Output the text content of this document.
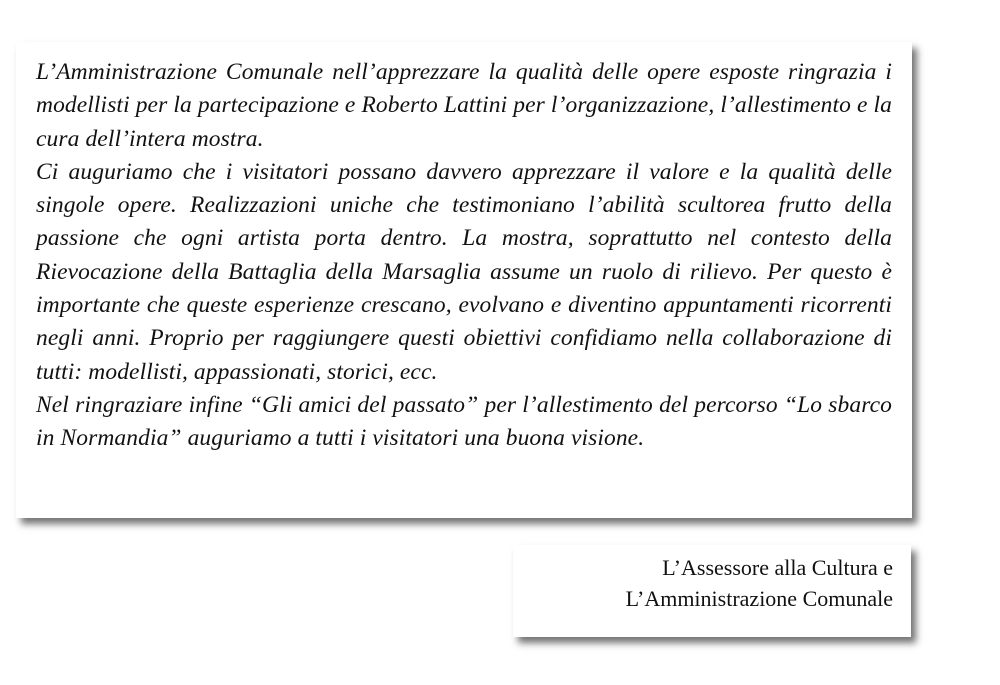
L’Amministrazione Comunale nell’apprezzare la qualità delle opere esposte ringrazia i modellisti per la partecipazione e Roberto Lattini per l’organizzazione, l’allestimento e la cura dell’intera mostra.

Ci auguriamo che i visitatori possano davvero apprezzare il valore e la qualità delle singole opere. Realizzazioni uniche che testimoniano l’abilità scultorea frutto della passione che ogni artista porta dentro. La mostra, soprattutto nel contesto della Rievocazione della Battaglia della Marsaglia assume un ruolo di rilievo. Per questo è importante che queste esperienze crescano, evolvano e diventino appuntamenti ricorrenti negli anni. Proprio per raggiungere questi obiettivi confidiamo nella collaborazione di tutti: modellisti, appassionati, storici, ecc.

Nel ringraziare infine “Gli amici del passato” per l’allestimento del percorso “Lo sbarco in Normandia” auguriamo a tutti i visitatori una buona visione.

L’Assessore alla Cultura e
L’Amministrazione Comunale
